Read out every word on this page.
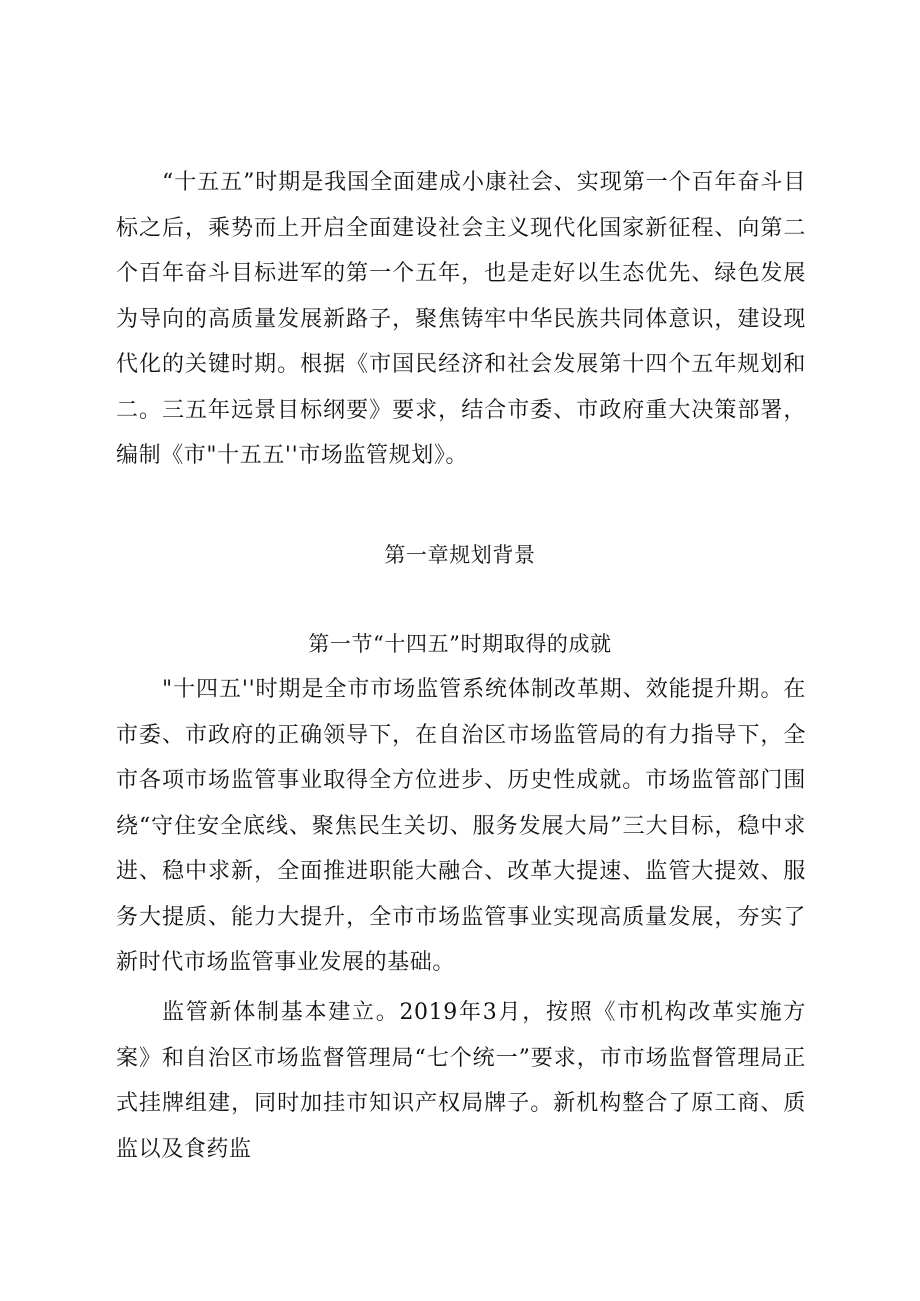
“十五五”时期是我国全面建成小康社会、实现第一个百年奋斗目标之后，乘势而上开启全面建设社会主义现代化国家新征程、向第二个百年奋斗目标进军的第一个五年，也是走好以生态优先、绿色发展为导向的高质量发展新路子，聚焦铸牢中华民族共同体意识，建设现代化的关键时期。根据《市国民经济和社会发展第十四个五年规划和二。三五年远景目标纲要》要求，结合市委、市政府重大决策部署，编制《市"十五五''市场监管规划》。

第一章规划背景
第一节“十四五”时期取得的成就

"十四五''时期是全市市场监管系统体制改革期、效能提升期。在市委、市政府的正确领导下，在自治区市场监管局的有力指导下，全市各项市场监管事业取得全方位进步、历史性成就。市场监管部门围绕“守住安全底线、聚焦民生关切、服务发展大局”三大目标，稳中求进、稳中求新，全面推进职能大融合、改革大提速、监管大提效、服务大提质、能力大提升，全市市场监管事业实现高质量发展，夯实了新时代市场监管事业发展的基础。

监管新体制基本建立。2019年3月，按照《市机构改革实施方案》和自治区市场监督管理局“七个统一”要求，市市场监督管理局正式挂牌组建，同时加挂市知识产权局牌子。新机构整合了原工商、质监以及食药监
